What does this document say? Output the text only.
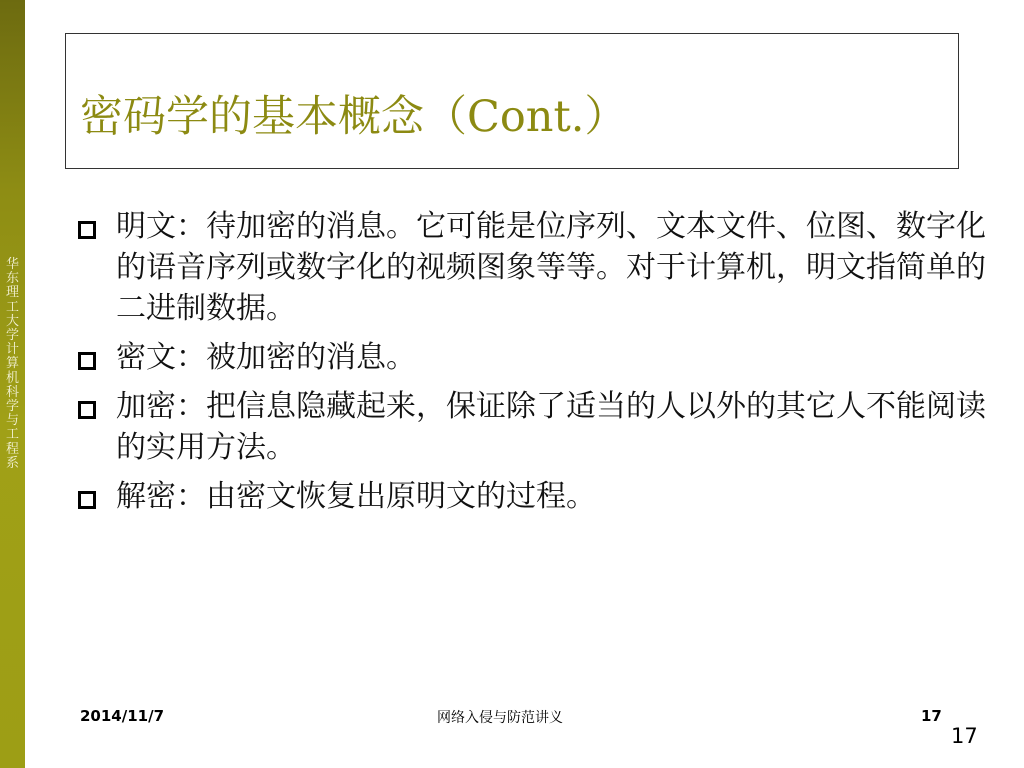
华东理工大学计算机科学与工程系
密码学的基本概念（Cont.）
明文：待加密的消息。它可能是位序列、文本文件、位图、数字化的语音序列或数字化的视频图象等等。对于计算机，明文指简单的二进制数据。
密文：被加密的消息。
加密：把信息隐藏起来，保证除了适当的人以外的其它人不能阅读的实用方法。
解密：由密文恢复出原明文的过程。
2014/11/7	网络入侵与防范讲义	17
17
